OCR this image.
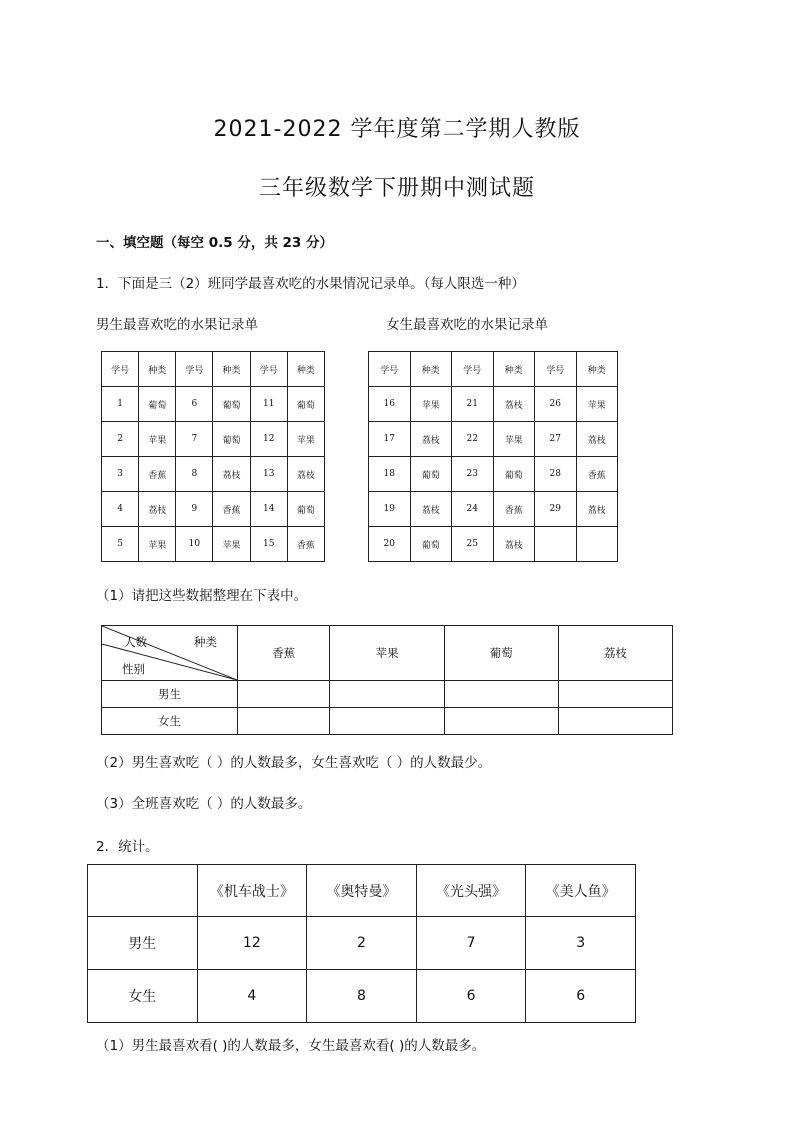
2021-2022 学年度第二学期人教版
三年级数学下册期中测试题
一、填空题（每空 0.5 分，共 23 分）
1．下面是三（2）班同学最喜欢吃的水果情况记录单。（每人限选一种）
男生最喜欢吃的水果记录单	女生最喜欢吃的水果记录单
学号	种类	学号	种类	学号	种类
1	葡萄	6	葡萄	11	葡萄
2	苹果	7	葡萄	12	苹果
3	香蕉	8	荔枝	13	荔枝
4	荔枝	9	香蕉	14	葡萄
5	苹果	10	苹果	15	香蕉
学号	种类	学号	种类	学号	种类
16	苹果	21	荔枝	26	苹果
17	荔枝	22	苹果	27	荔枝
18	葡萄	23	葡萄	28	香蕉
19	荔枝	24	香蕉	29	荔枝
20	葡萄	25	荔枝		
（1）请把这些数据整理在下表中。
人数 种类
性别	香蕉	苹果	葡萄	荔枝
男生				
女生				
（2）男生喜欢吃（ ）的人数最多，女生喜欢吃（ ）的人数最少。
（3）全班喜欢吃（ ）的人数最多。
2．统计。
	《机车战士》	《奥特曼》	《光头强》	《美人鱼》
男生	12	2	7	3
女生	4	8	6	6
（1）男生最喜欢看( )的人数最多，女生最喜欢看( )的人数最多。
